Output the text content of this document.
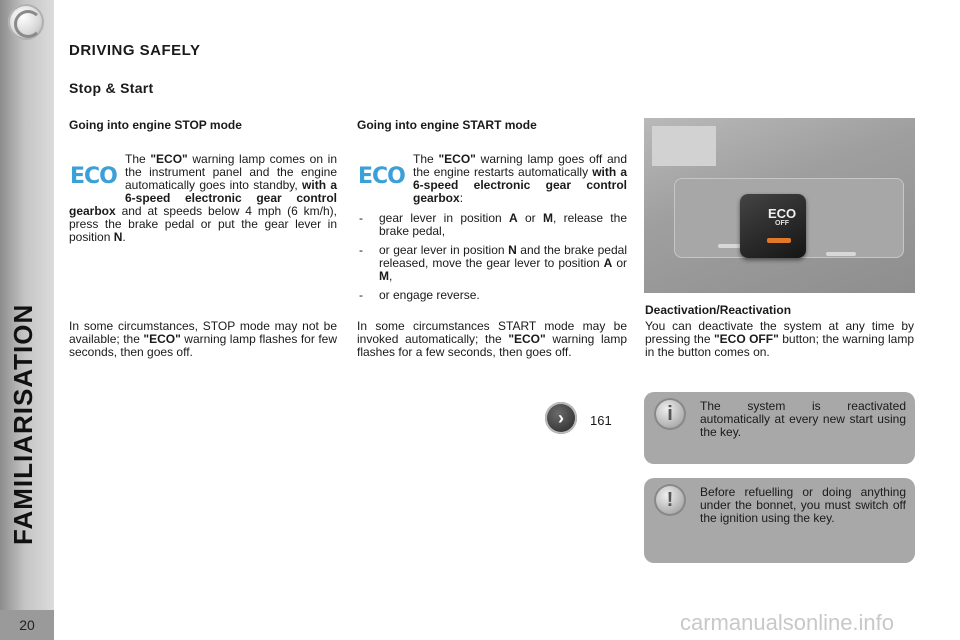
FAMILIARISATION
20
DRIVING SAFELY
Stop & Start
Going into engine STOP mode
ECO
The "ECO" warning lamp comes on in the instrument panel and the engine automatically goes into standby, with a 6-speed electronic gear control gearbox and at speeds below 4 mph (6 km/h), press the brake pedal or put the gear lever in position N.
In some circumstances, STOP mode may not be available; the "ECO" warning lamp flashes for few seconds, then goes off.
Going into engine START mode
ECO
The "ECO" warning lamp goes off and the engine restarts automatically with a 6-speed electronic gear control gearbox:
- gear lever in position A or M, release the brake pedal,
- or gear lever in position N and the brake pedal released, move the gear lever to position A or M,
- or engage reverse.
In some circumstances START mode may be invoked automatically; the "ECO" warning lamp flashes for a few seconds, then goes off.
›	161
ECO
OFF
Deactivation/Reactivation
You can deactivate the system at any time by pressing the "ECO OFF" button; the warning lamp in the button comes on.
i	The system is reactivated automatically at every new start using the key.
!	Before refuelling or doing anything under the bonnet, you must switch off the ignition using the key.
carmanualsonline.info
